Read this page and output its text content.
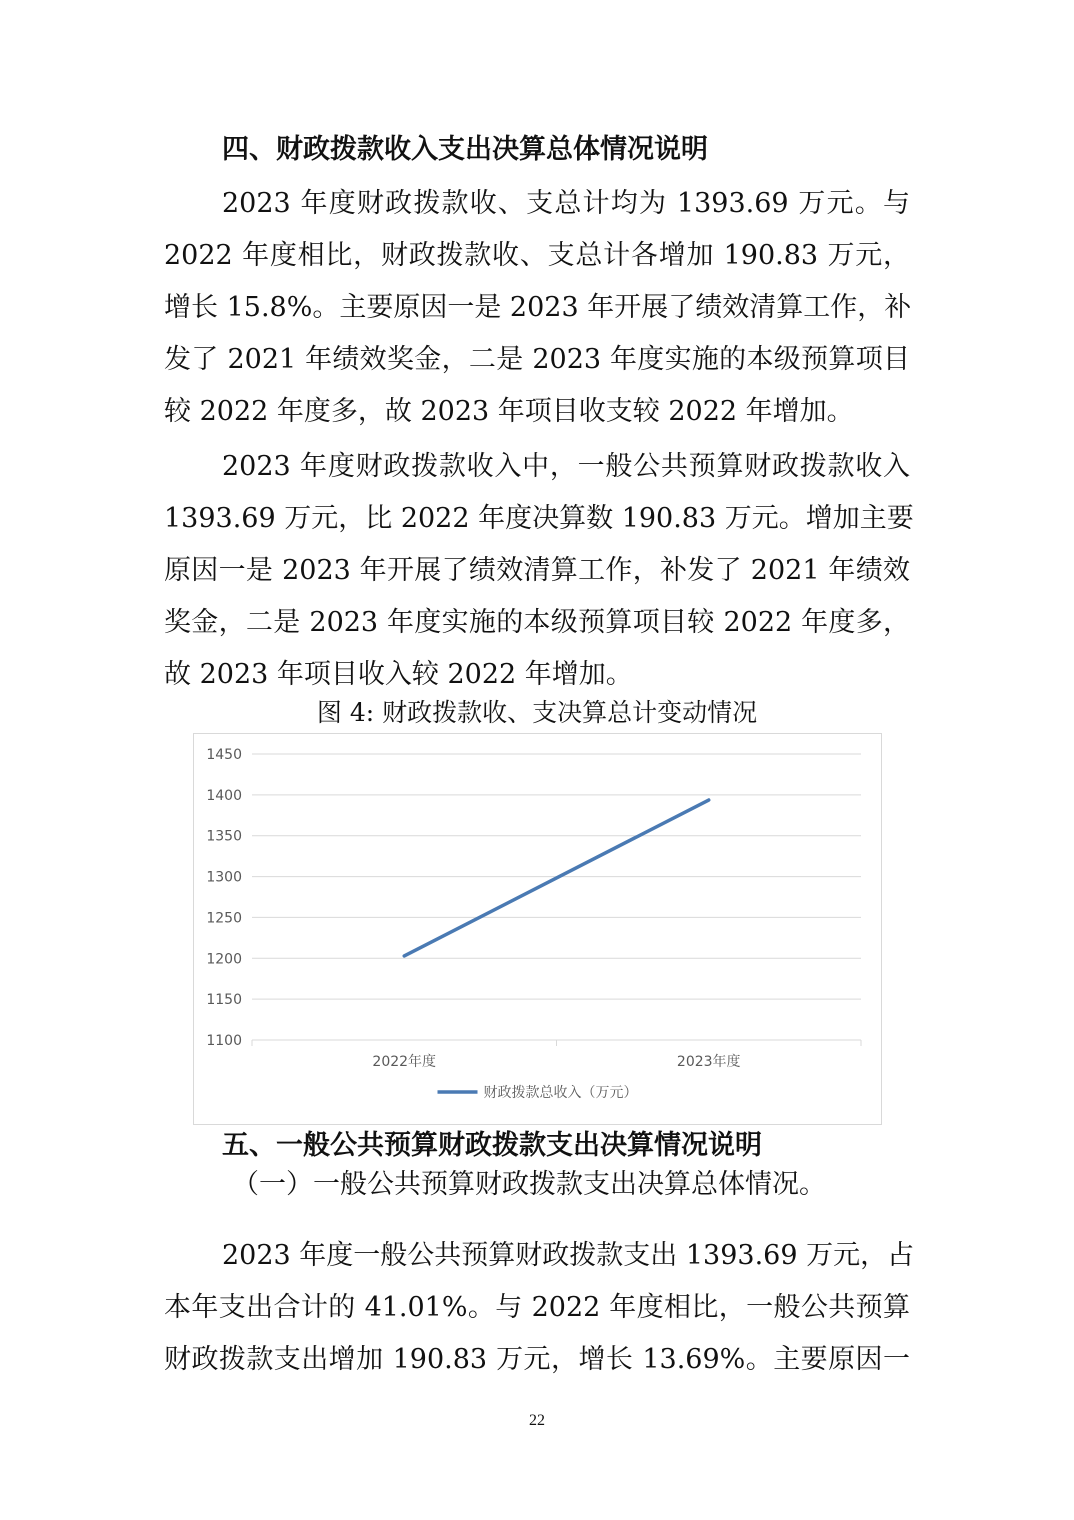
四、财政拨款收入支出决算总体情况说明
2023 年度财政拨款收、支总计均为 1393.69 万元。与
2022 年度相比，财政拨款收、支总计各增加 190.83 万元，
增长 15.8%。主要原因一是 2023 年开展了绩效清算工作，补
发了 2021 年绩效奖金，二是 2023 年度实施的本级预算项目
较 2022 年度多，故 2023 年项目收支较 2022 年增加。
2023 年度财政拨款收入中，一般公共预算财政拨款收入
1393.69 万元，比 2022 年度决算数 190.83 万元。增加主要
原因一是 2023 年开展了绩效清算工作，补发了 2021 年绩效
奖金，二是 2023 年度实施的本级预算项目较 2022 年度多，
故 2023 年项目收入较 2022 年增加。
图 4: 财政拨款收、支决算总计变动情况
1100
1150
1200
1250
1300
1350
1400
1450
2022年度	2023年度
财政拨款总收入（万元）
五、一般公共预算财政拨款支出决算情况说明
（一）一般公共预算财政拨款支出决算总体情况。
2023 年度一般公共预算财政拨款支出 1393.69 万元，占
本年支出合计的 41.01%。与 2022 年度相比，一般公共预算
财政拨款支出增加 190.83 万元，增长 13.69%。主要原因一
22
